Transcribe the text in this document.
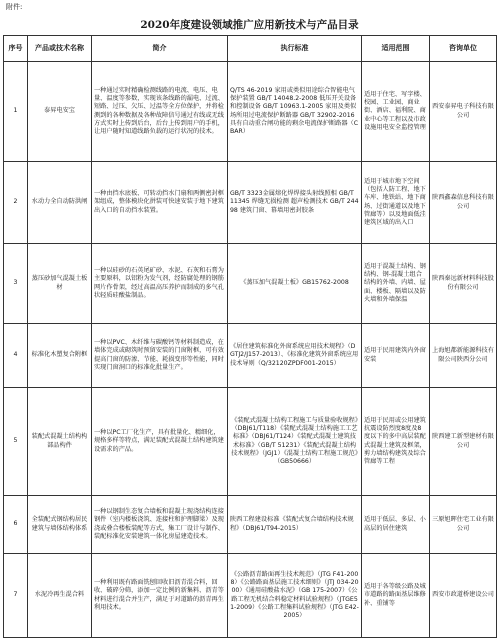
附件:
2020年度建设领域推广应用新技术与产品目录
序号	产品或技术名称	简介	执行标准	适用范围	咨询单位
1	泰昇电安宝	一种通过实时精确检测线路的电流、电压、电量、温度等参数，实现该条线路的漏电、过流、短路、过压、欠压、过温等全方位保护，并将检测到的各种数据及各种故障信号通过有线或无线方式实时上传到后台，后台上传到用户的手机，让用户随时知道线路负载的运行状况的技术。	Q/TS 46-2019 家用或类似用途综合智能电气保护装置 GB/T 14048.2-2008 低压开关设备和控制设备 GB/T 10963.1-2005 家用及类似场所用过电流保护断路器 GB/T 32902-2016 具有自动重合闸功能的剩余电流保护断路器（CBAR）	适用于住宅、写字楼、校园、工业园、商业街、酒店、福利院、商业中心等工程以及市政设施用电安全监控管理	西安泰昇电子科技有限公司
2	水动力全自动防洪闸	一种由挡水底板、可转动挡水门扇和两侧密封框架组成，整体模块化拼装可快速安装于地下建筑出入口的自动挡水装置。	GB/T 3323金属熔化焊焊接头射线照相 GB/T 11345 焊缝无损检测 超声检测技术 GB/T 24498 建筑门窗、幕墙用密封胶条	适用于城市地下空间（包括人防工程、地下车库、地铁站、地下商场、过街通道以及地下管廊等）以及地面低洼建筑区域的出入口	陕西鑫森信息科技有限公司
3	蒸压砂加气混凝土板材	一种以硅砂的石英尾矿砂、水泥、石灰和石膏为主要原料，以铝粉为发气剂，经防腐处理的钢筋网片作骨架，经过高温高压养护而制成的多气孔状轻质硅酸盐制品。	《蒸压加气混凝土板》GB15762-2008	适用于混凝土结构、钢结构、钢-混凝土组合结构的外墙、内墙、屋面、楼板、隔墙以及防火墙和外墙保温	陕西秦远新材料科技股份有限公司
4	标准化木塑复合附框	一种以PVC、木纤维与碳酸钙等材料制造成，在墙体完成或砌筑时预留安装的门窗附框，可有效提高门窗的防渗、节能、耗损变形等性能，同时实现门窗洞口的标准化批量生产。	《居住建筑标准化外窗系统应用技术规程》（DGTJ2/J157-2013）、《标准化建筑外窗系统应用技术导则（Q/32120ZPDF001-2015）	适用于民用建筑内外窗安装	上海旭都新能源科技有限公司陕西分公司
5	装配式混凝土结构构部品构件	一种以PC工厂化生产，具有批量化、精细化，规格多样等特点，满足装配式混凝土结构建筑建设需求的产品。	《装配式混凝土结构工程施工与质量验收规程》（DBJ61/T118）《装配式混凝土结构施工工艺标准》（DBJ61/T124）《装配式混凝土建筑技术标准》（GB/T 51231）《装配式混凝土结构技术规程》（JGJ1）《混凝土结构工程施工规范》（GB50666）	适用于民用或公用建筑抗震设防烈度8度及8度以下的多中高层装配式混凝土建筑及框架，剪力墙结构建筑及综合管廊等工程	陕西建工新型建材有限公司
6	全装配式钢结构居民建筑与墙体结构体系	一种以钢制生态复合墙板和混凝土现浇结构连接钢件（室内楼板浇筑、连接柱和护理脚梁）及现浇或叠合楼板装配等方式，集工厂设计与制作、装配标准化安装建筑一体化房屋建造技术。	陕西工程建设标准《装配式复合墙结构技术规程》（DBJ61/T94-2015）	适用于低层、多层、小高层的居住建筑	三原旭晖住宅工业有限公司
7	水泥冷再生混合料	一种利用既有路面铣刨回收旧沥青混合料，回收、破碎分筛，添加一定比例的新集料、沥青等材料进行混合并生产，满足于对道路的沥青再生利用技术。	《公路沥青路面再生技术规范》（JTG F41-2008）《公路路面基层施工技术细则》（JTJ 034-2000）《通用硅酸盐水泥》（GB 175-2007）《公路工程无机结合料稳定材料试验规程》（JTGE51-2009）《公路工程集料试验规程》（JTG E42-2005）	适用于各等级公路及城市道路的路面基层维修补、重铺等	西安市政道桥建设公司
